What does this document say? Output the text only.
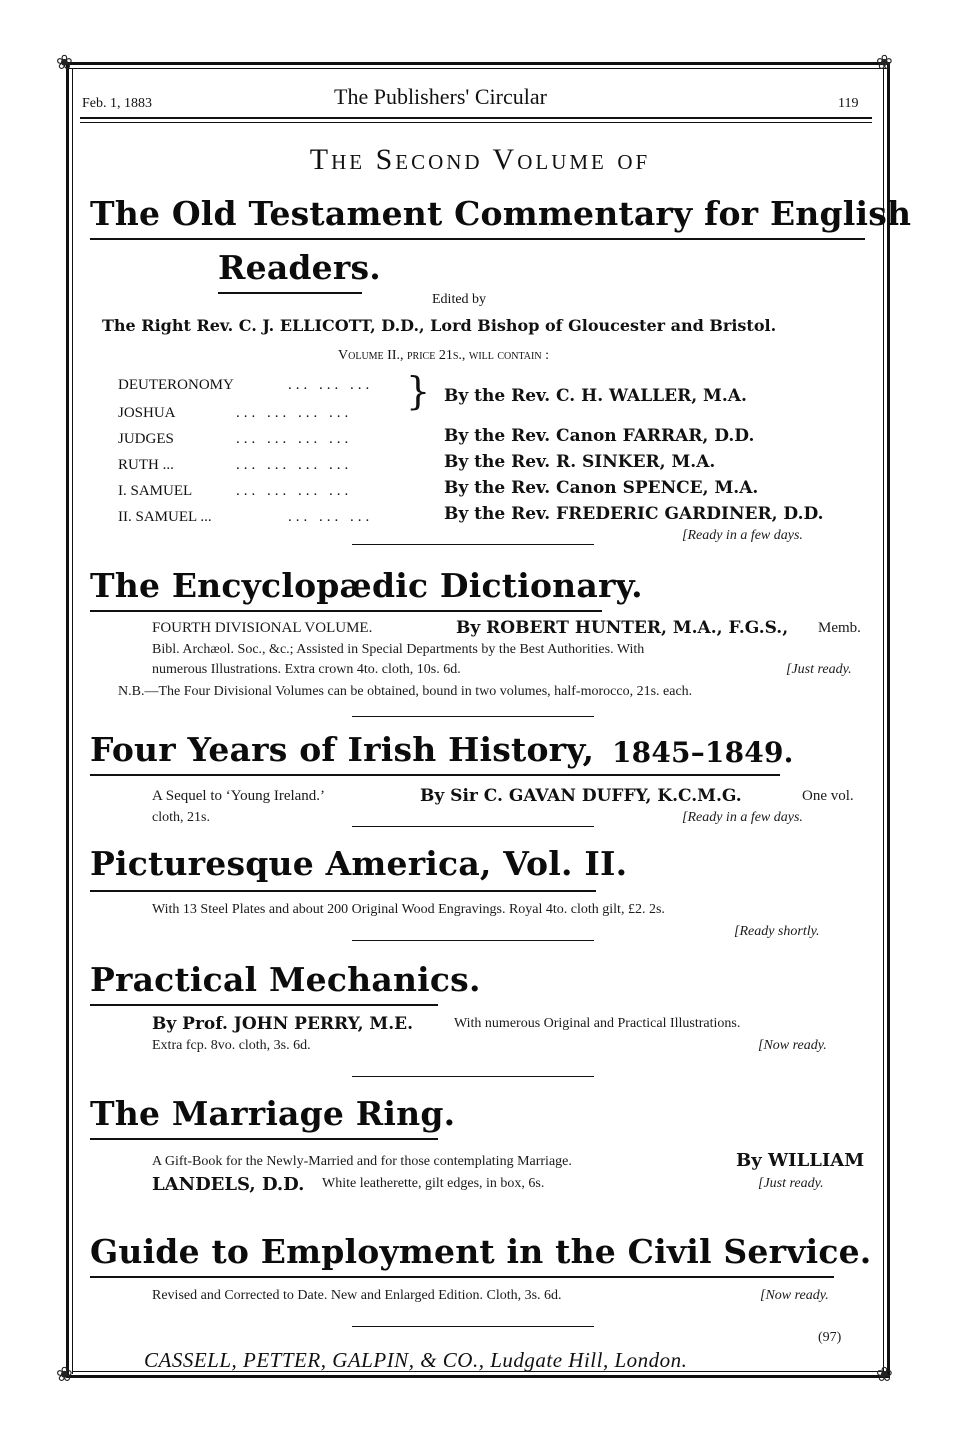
❀	❀
❀	❀
Feb. 1, 1883	The Publishers' Circular	119
The Second Volume of
The Old Testament Commentary for English
Readers.
Edited by
The Right Rev. C. J. ELLICOTT, D.D., Lord Bishop of Gloucester and Bristol.
Volume II., price 21s., will contain :
DEUTERONOMY	... ... ...
JOSHUA	... ... ... ... } By the Rev. C. H. WALLER, M.A.
JUDGES	... ... ... ...	By the Rev. Canon FARRAR, D.D.
RUTH ...	... ... ... ...	By the Rev. R. SINKER, M.A.
I. SAMUEL	... ... ... ...	By the Rev. Canon SPENCE, M.A.
II. SAMUEL ...	... ... ...	By the Rev. FREDERIC GARDINER, D.D.
[Ready in a few days.
The Encyclopædic Dictionary.
FOURTH DIVISIONAL VOLUME.	By ROBERT HUNTER, M.A., F.G.S., Memb.
Bibl. Archæol. Soc., &c.; Assisted in Special Departments by the Best Authorities. With
numerous Illustrations. Extra crown 4to. cloth, 10s. 6d.	[Just ready.
N.B.—The Four Divisional Volumes can be obtained, bound in two volumes, half-morocco, 21s. each.
Four Years of Irish History, 1845–1849.
A Sequel to ‘Young Ireland.’	By Sir C. GAVAN DUFFY, K.C.M.G.	One vol.
cloth, 21s.	[Ready in a few days.
Picturesque America, Vol. II.
With 13 Steel Plates and about 200 Original Wood Engravings. Royal 4to. cloth gilt, £2. 2s.
[Ready shortly.
Practical Mechanics.
By Prof. JOHN PERRY, M.E.	With numerous Original and Practical Illustrations.
Extra fcp. 8vo. cloth, 3s. 6d.	[Now ready.
The Marriage Ring.
A Gift-Book for the Newly-Married and for those contemplating Marriage.	By WILLIAM
LANDELS, D.D. White leatherette, gilt edges, in box, 6s.	[Just ready.
Guide to Employment in the Civil Service.
Revised and Corrected to Date. New and Enlarged Edition. Cloth, 3s. 6d.	[Now ready.
(97)
CASSELL, PETTER, GALPIN, & CO., Ludgate Hill, London.
